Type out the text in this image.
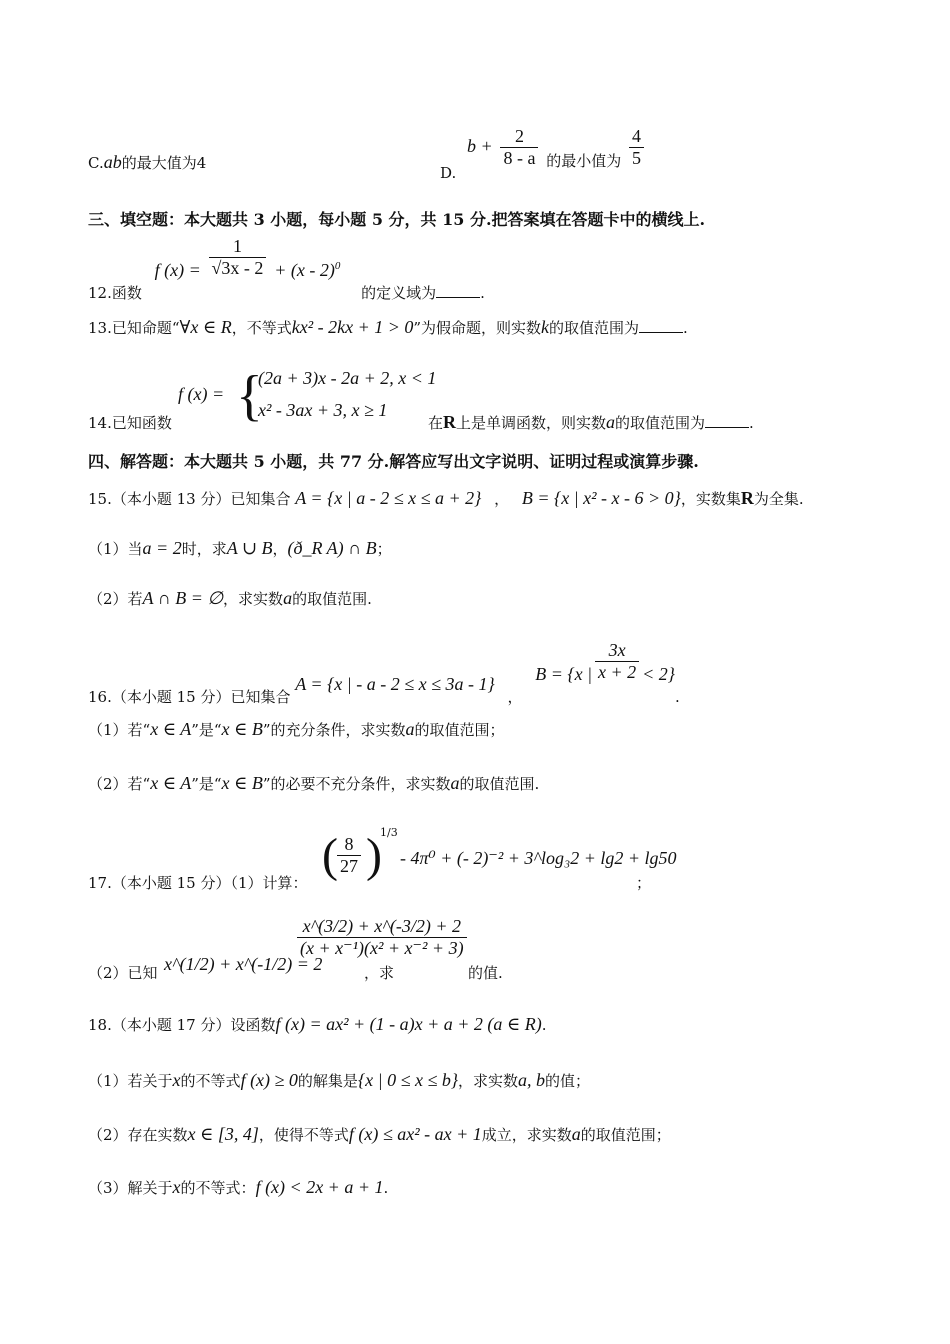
C.ab的最大值为4
D. $b + \frac{2}{8 - a}$ 的最小值为 $\frac{4}{5}$
三、填空题：本大题共 3 小题，每小题 5 分，共 15 分.把答案填在答题卡中的横线上.
12.函数 f $(x) = \frac{1}{√3x - 2} + (x - 2)^0$ 的定义域为	.
13.已知命题“∀x ∈ R，不等式kx² - 2kx + 1 > 0”为假命题，则实数k的取值范围为	.
14.已知函数
f (x) = {
(2a + 3)x - 2a + 2, x < 1
x² - 3ax + 3, x ≥ 1
在R上是单调函数，则实数a的取值范围为	.
四、解答题：本大题共 5 小题，共 77 分.解答应写出文字说明、证明过程或演算步骤.
15.（本小题 13 分）已知集合 A = {x | a - 2 ≤ x ≤ a + 2} ， B = {x | x² - x - 6 > 0}，实数集R为全集.
（1）当a = 2时，求A ∪ B，(ð_R A) ∩ B；
（2）若A ∩ B = ∅，求实数a的取值范围.
16.（本小题 15 分）已知集合 A = {x | - a - 2 ≤ x ≤ 3a - 1} ， B = {x | $\frac{3x}{x + 2} < 2$}.
（1）若“x ∈ A”是“x ∈ B”的充分条件，求实数a的取值范围；
（2）若“x ∈ A”是“x ∈ B”的必要不充分条件，求实数a的取值范围.
17.（本小题 15 分）（1）计算：
( $\frac{8}{27}$ )
1/3
- 4π⁰ + (- 2)⁻² + 3^log₃2 + lg2 + lg50
；
（2）已知 x^(1/2) + x^(-1/2) = 2	，求
$\frac{x\^{}(3/2) + x\^{}(-3/2) + 2}{\text{(x + x⁻¹)(x² + x⁻² + 3)}}$
的值.
18.（本小题 17 分）设函数f (x) = ax² + (1 - a)x + a + 2 (a ∈ R).
（1）若关于x的不等式f (x) ≥ 0的解集是{x | 0 ≤ x ≤ b}，求实数a, b的值；
（2）存在实数x ∈ [3, 4]，使得不等式f (x) ≤ ax² - ax + 1成立，求实数a的取值范围；
（3）解关于x的不等式：f (x) < 2x + a + 1.
